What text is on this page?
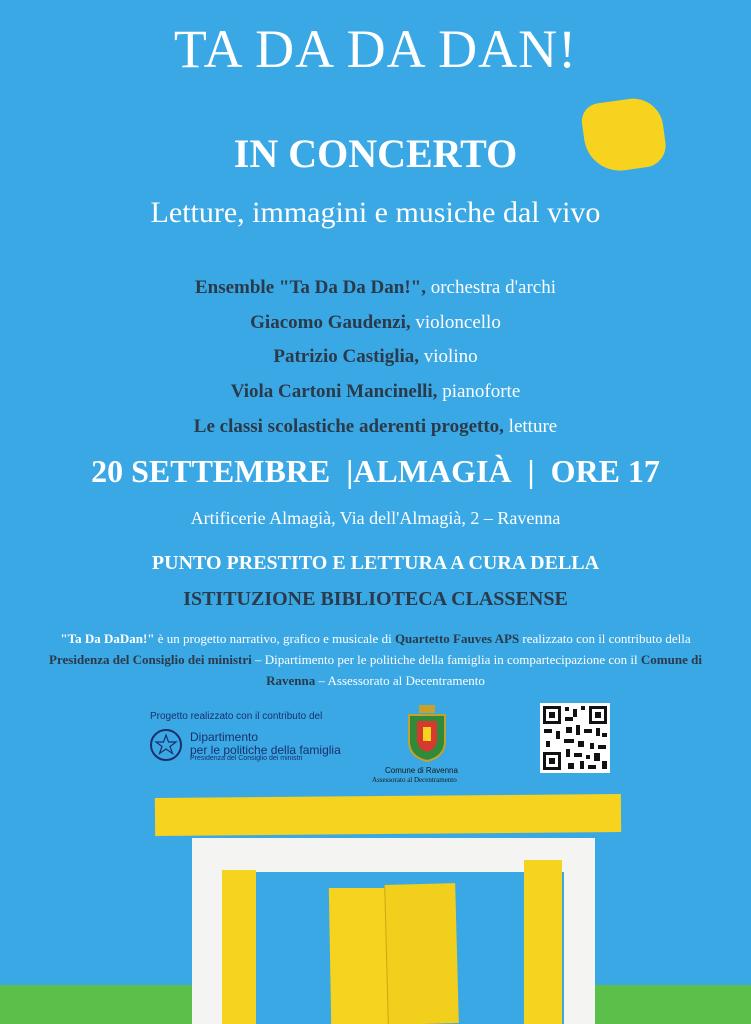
TA DA DA DAN!
IN CONCERTO
Letture, immagini e musiche dal vivo
Ensemble "Ta Da Da Dan!", orchestra d'archi
Giacomo Gaudenzi, violoncello
Patrizio Castiglia, violino
Viola Cartoni Mancinelli, pianoforte
Le classi scolastiche aderenti progetto, letture
20 SETTEMBRE  |ALMAGIÀ  |  ORE 17
Artificerie Almagià, Via dell'Almagià, 2 – Ravenna
PUNTO PRESTITO E LETTURA A CURA DELLA
ISTITUZIONE BIBLIOTECA CLASSENSE
"Ta Da DaDan!" è un progetto narrativo, grafico e musicale di Quartetto Fauves APS realizzato con il contributo della Presidenza del Consiglio dei ministri – Dipartimento per le politiche della famiglia in compartecipazione con il Comune di Ravenna – Assessorato al Decentramento
Progetto realizzato con il contributo del
Dipartimento
per le politiche della famiglia
Presidenza del Consiglio dei ministri
Comune di Ravenna
Assessorato al Decentramento
